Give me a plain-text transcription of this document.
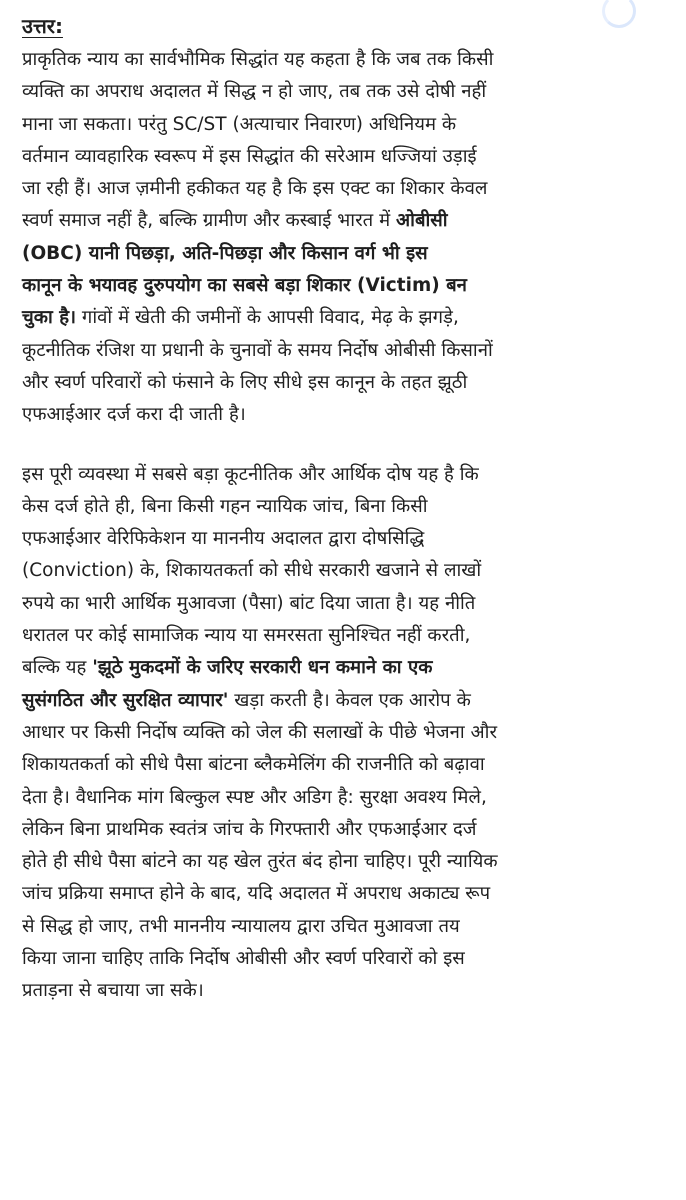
उत्तर:

प्राकृतिक न्याय का सार्वभौमिक सिद्धांत यह कहता है कि जब तक किसी
व्यक्ति का अपराध अदालत में सिद्ध न हो जाए, तब तक उसे दोषी नहीं
माना जा सकता। परंतु SC/ST (अत्याचार निवारण) अधिनियम के
वर्तमान व्यावहारिक स्वरूप में इस सिद्धांत की सरेआम धज्जियां उड़ाई
जा रही हैं। आज ज़मीनी हकीकत यह है कि इस एक्ट का शिकार केवल
स्वर्ण समाज नहीं है, बल्कि ग्रामीण और कस्बाई भारत में ओबीसी
(OBC) यानी पिछड़ा, अति-पिछड़ा और किसान वर्ग भी इस
कानून के भयावह दुरुपयोग का सबसे बड़ा शिकार (Victim) बन
चुका है। गांवों में खेती की जमीनों के आपसी विवाद, मेढ़ के झगड़े,
कूटनीतिक रंजिश या प्रधानी के चुनावों के समय निर्दोष ओबीसी किसानों
और स्वर्ण परिवारों को फंसाने के लिए सीधे इस कानून के तहत झूठी
एफआईआर दर्ज करा दी जाती है।

इस पूरी व्यवस्था में सबसे बड़ा कूटनीतिक और आर्थिक दोष यह है कि
केस दर्ज होते ही, बिना किसी गहन न्यायिक जांच, बिना किसी
एफआईआर वेरिफिकेशन या माननीय अदालत द्वारा दोषसिद्धि
(Conviction) के, शिकायतकर्ता को सीधे सरकारी खजाने से लाखों
रुपये का भारी आर्थिक मुआवजा (पैसा) बांट दिया जाता है। यह नीति
धरातल पर कोई सामाजिक न्याय या समरसता सुनिश्चित नहीं करती,
बल्कि यह 'झूठे मुकदमों के जरिए सरकारी धन कमाने का एक
सुसंगठित और सुरक्षित व्यापार' खड़ा करती है। केवल एक आरोप के
आधार पर किसी निर्दोष व्यक्ति को जेल की सलाखों के पीछे भेजना और
शिकायतकर्ता को सीधे पैसा बांटना ब्लैकमेलिंग की राजनीति को बढ़ावा
देता है। वैधानिक मांग बिल्कुल स्पष्ट और अडिग है: सुरक्षा अवश्य मिले,
लेकिन बिना प्राथमिक स्वतंत्र जांच के गिरफ्तारी और एफआईआर दर्ज
होते ही सीधे पैसा बांटने का यह खेल तुरंत बंद होना चाहिए। पूरी न्यायिक
जांच प्रक्रिया समाप्त होने के बाद, यदि अदालत में अपराध अकाट्य रूप
से सिद्ध हो जाए, तभी माननीय न्यायालय द्वारा उचित मुआवजा तय
किया जाना चाहिए ताकि निर्दोष ओबीसी और स्वर्ण परिवारों को इस
प्रताड़ना से बचाया जा सके।
